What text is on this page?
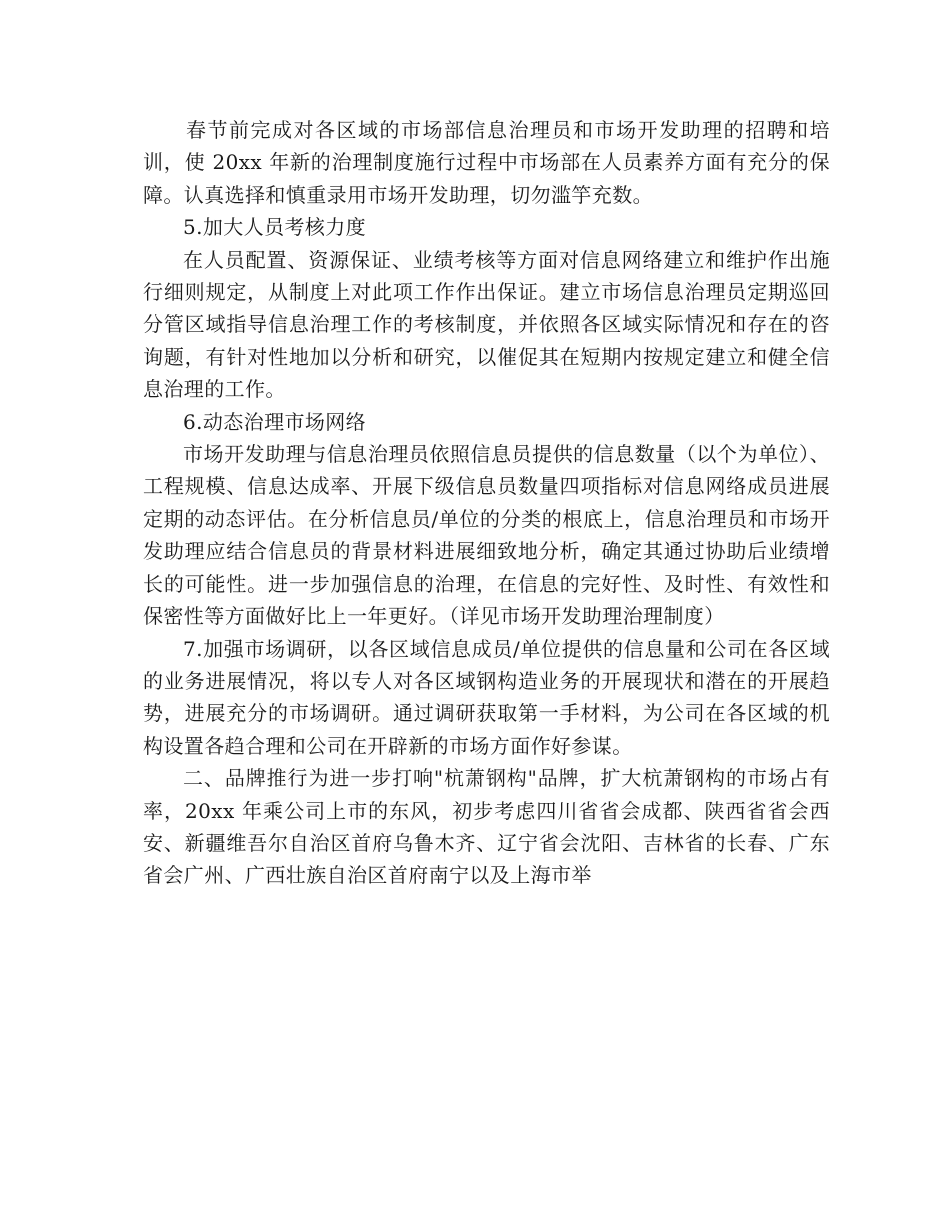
　　春节前完成对各区域的市场部信息治理员和市场开发助理的招聘和培训，使 20xx 年新的治理制度施行过程中市场部在人员素养方面有充分的保障。认真选择和慎重录用市场开发助理，切勿滥竽充数。

5.加大人员考核力度

在人员配置、资源保证、业绩考核等方面对信息网络建立和维护作出施行细则规定，从制度上对此项工作作出保证。建立市场信息治理员定期巡回分管区域指导信息治理工作的考核制度，并依照各区域实际情况和存在的咨询题，有针对性地加以分析和研究，以催促其在短期内按规定建立和健全信息治理的工作。

6.动态治理市场网络

市场开发助理与信息治理员依照信息员提供的信息数量（以个为单位）、工程规模、信息达成率、开展下级信息员数量四项指标对信息网络成员进展定期的动态评估。在分析信息员/单位的分类的根底上，信息治理员和市场开发助理应结合信息员的背景材料进展细致地分析，确定其通过协助后业绩增长的可能性。进一步加强信息的治理，在信息的完好性、及时性、有效性和保密性等方面做好比上一年更好。（详见市场开发助理治理制度）

7.加强市场调研，以各区域信息成员/单位提供的信息量和公司在各区域的业务进展情况，将以专人对各区域钢构造业务的开展现状和潜在的开展趋势，进展充分的市场调研。通过调研获取第一手材料，为公司在各区域的机构设置各趋合理和公司在开辟新的市场方面作好参谋。

二、品牌推行为进一步打响"杭萧钢构"品牌，扩大杭萧钢构的市场占有率，20xx 年乘公司上市的东风，初步考虑四川省省会成都、陕西省省会西安、新疆维吾尔自治区首府乌鲁木齐、辽宁省会沈阳、吉林省的长春、广东省会广州、广西壮族自治区首府南宁以及上海市举
